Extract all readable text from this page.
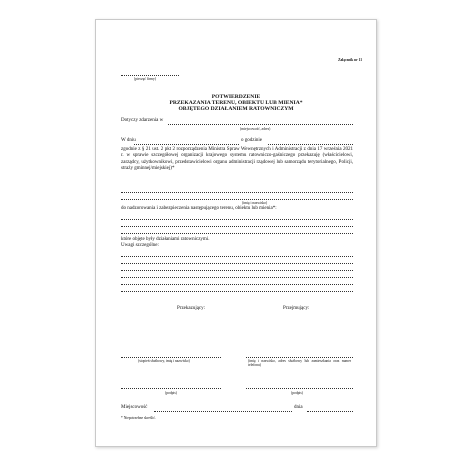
Załącznik nr 11
(pieczęć firmy)
POTWIERDZENIE
PRZEKAZANIA TERENU, OBIEKTU LUB MIENIA*
OBJĘTEGO DZIAŁANIEM RATOWNICZYM
Dotyczy zdarzenia w
(miejscowość, adres)
W dniu	o godzinie
zgodnie z § 21 ust. 2 pkt 2 rozporządzenia Ministra Spraw Wewnętrznych i Administracji z dnia 17 września 2021 r. w sprawie szczegółowej organizacji krajowego systemu ratowniczo-gaśniczego przekazuję (właścicielowi, zarządcy, użytkownikowi, przedstawicielowi organu administracji rządowej lub samorządu terytorialnego, Policji, straży gminnej/miejskiej)*
(imię i nazwisko)
do nadzorowania i zabezpieczenia następującego terenu, obiektu lub mienia*:
które objęte były działaniami ratowniczymi.
Uwagi szczególne:
Przekazujący:	Przejmujący:
(stopień służbowy, imię i nazwisko)	(imię i nazwisko, adres służbowy lub zamieszkania oraz numer telefonu)
(podpis)	(podpis)
Miejscowość	dnia
* Niepotrzebne skreślić.
